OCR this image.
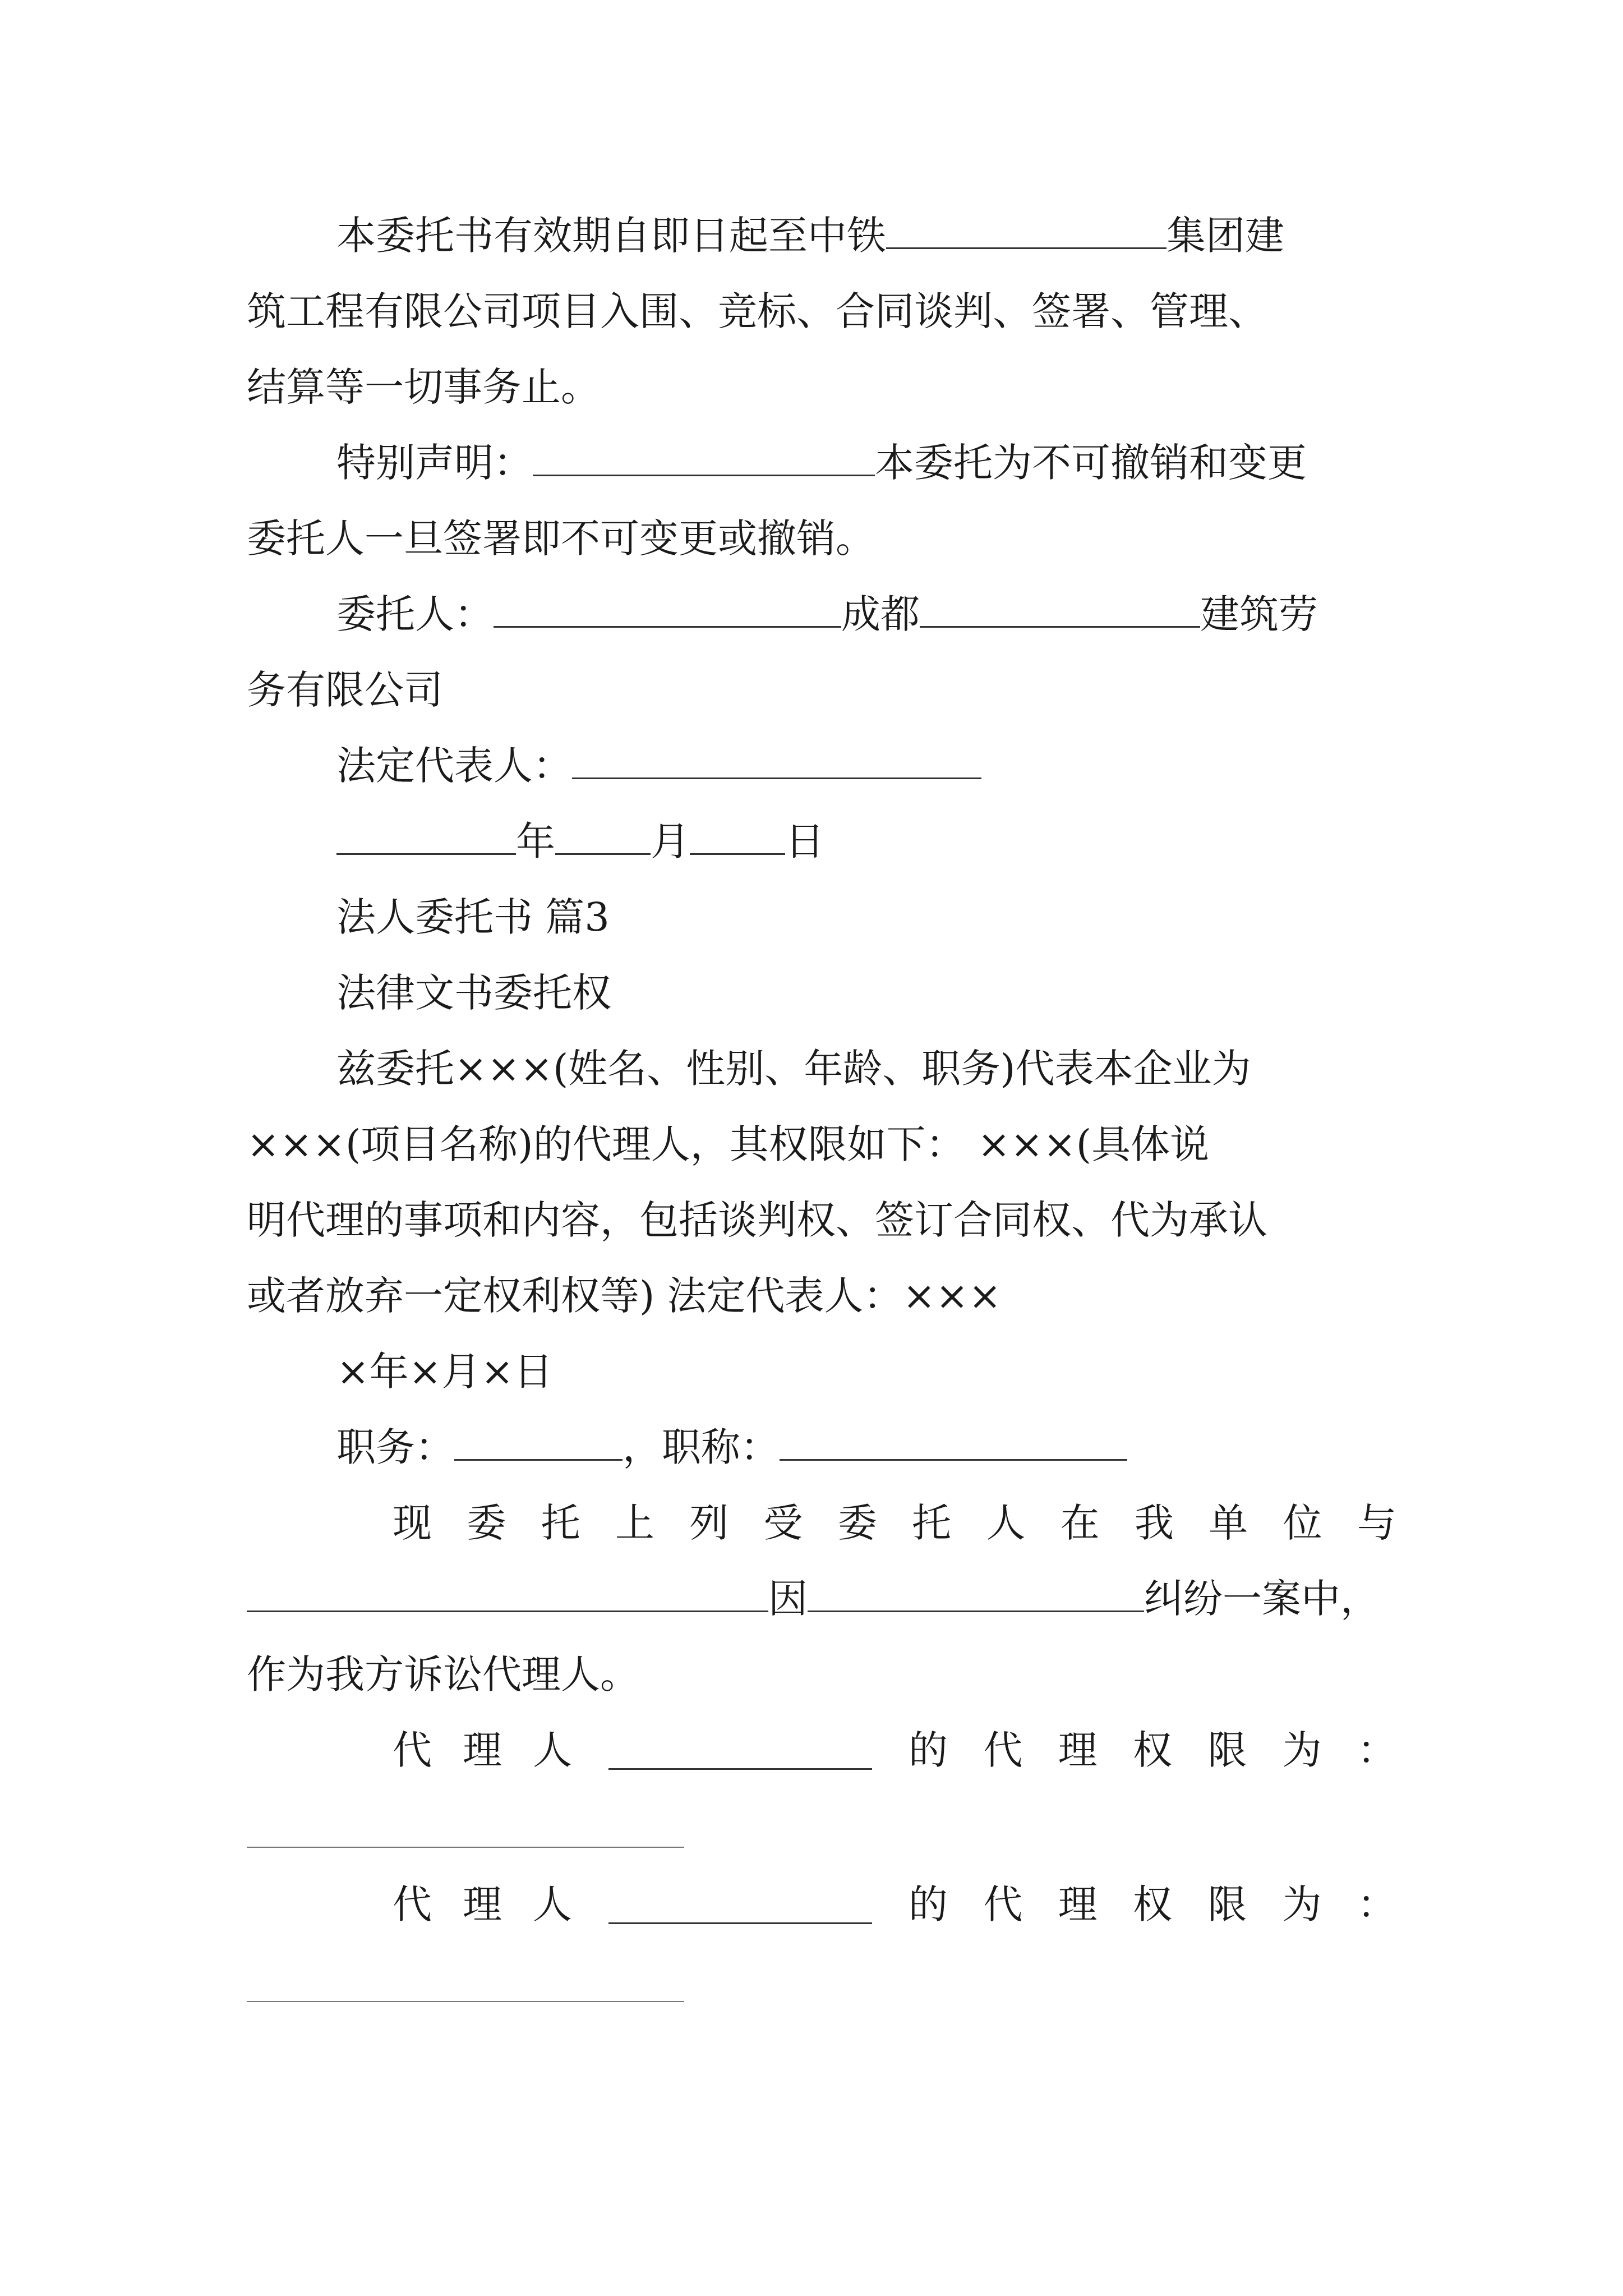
本委托书有效期自即日起至中铁	集团建
筑工程有限公司项目入围、竞标、合同谈判、签署、管理、
结算等一切事务止。
特别声明：	本委托为不可撤销和变更
委托人一旦签署即不可变更或撤销。
委托人：	成都	建筑劳
务有限公司
法定代表人：
年 月 日
法人委托书 篇3
法律文书委托权
兹委托×××(姓名、性别、年龄、职务)代表本企业为
×××(项目名称)的代理人，其权限如下： ×××(具体说
明代理的事项和内容，包括谈判权、签订合同权、代为承认
或者放弃一定权利权等) 法定代表人：×××
×年×月×日
职务：	，职称：
现 委 托 上 列 受 委 托 人 在 我 单 位 与
因	纠纷一案中，
作为我方诉讼代理人。
代 理 人	的 代 理 权 限 为 ：
代 理 人	的 代 理 权 限 为 ：
